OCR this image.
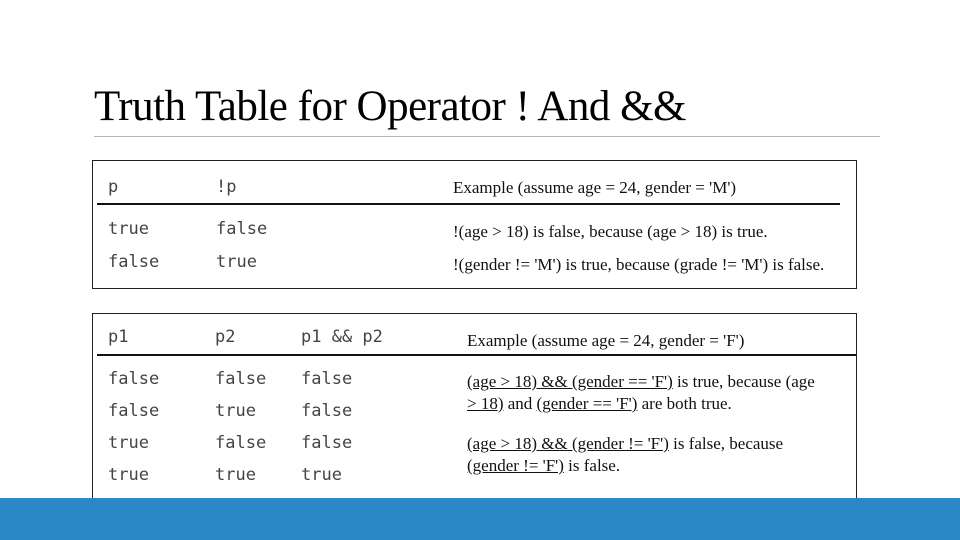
Truth Table for Operator ! And &&
p	!p	Example (assume age = 24, gender = 'M')
true	false	!(age > 18) is false, because (age > 18) is true.
false	true	!(gender != 'M') is true, because (grade != 'M') is false.
p1	p2	p1 && p2	Example (assume age = 24, gender = 'F')
false	false false
false	true	false
true	false false
true	true	true
(age > 18) && (gender == 'F') is true, because (age
> 18) and (gender == 'F') are both true.
(age > 18) && (gender != 'F') is false, because
(gender != 'F') is false.
